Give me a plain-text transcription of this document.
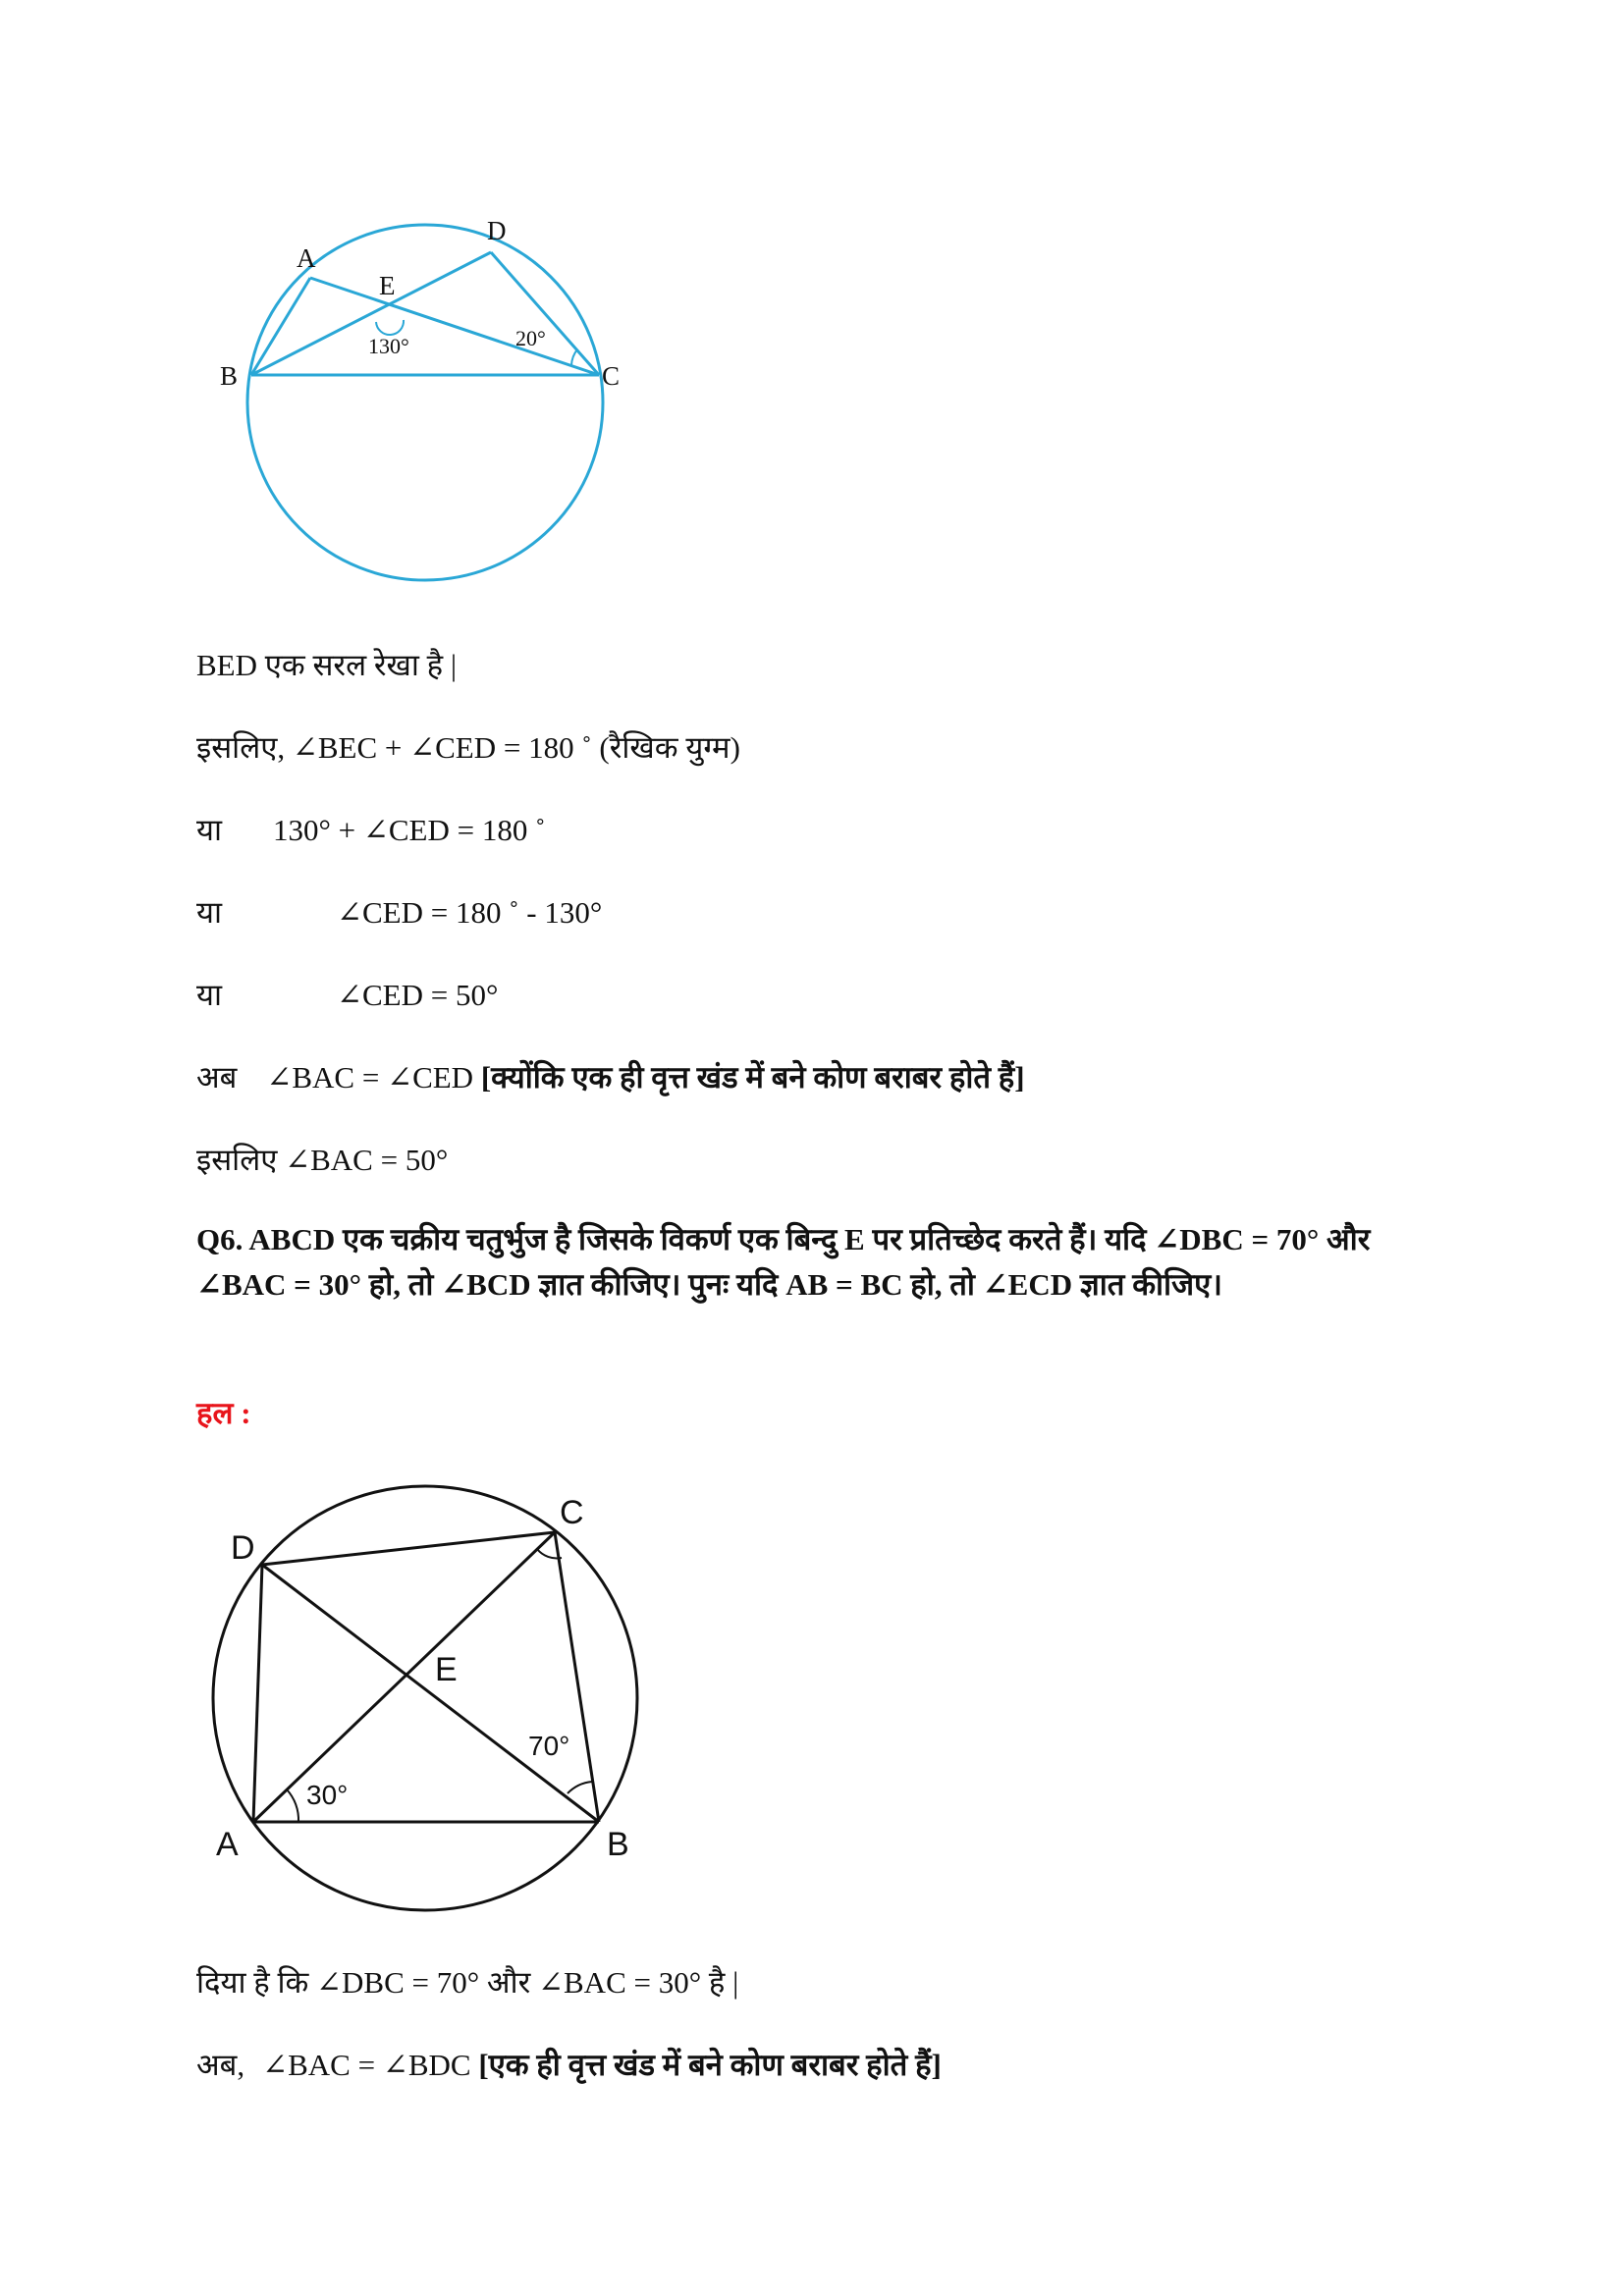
A
B	C
D
E
130°	20°
BED एक सरल रेखा है |
इसलिए, ∠BEC + ∠CED = 180 ˚ (रैखिक युग्म)
या 130° + ∠CED = 180 ˚
या	∠CED = 180 ˚ - 130°
या	∠CED = 50°
अब ∠BAC = ∠CED [क्योंकि एक ही वृत्त खंड में बने कोण बराबर होते हैं]
इसलिए ∠BAC = 50°
Q6. ABCD एक चक्रीय चतुर्भुज है जिसके विकर्ण एक बिन्दु E पर प्रतिच्छेद करते हैं। यदि ∠DBC = 70° और ∠BAC = 30° हो, तो ∠BCD ज्ञात कीजिए। पुनः यदि AB = BC हो, तो ∠ECD ज्ञात कीजिए।
हल :
A	B
C
D
E
30°
70°
दिया है कि ∠DBC = 70° और ∠BAC = 30° है |
अब, ∠BAC = ∠BDC [एक ही वृत्त खंड में बने कोण बराबर होते हैं]
